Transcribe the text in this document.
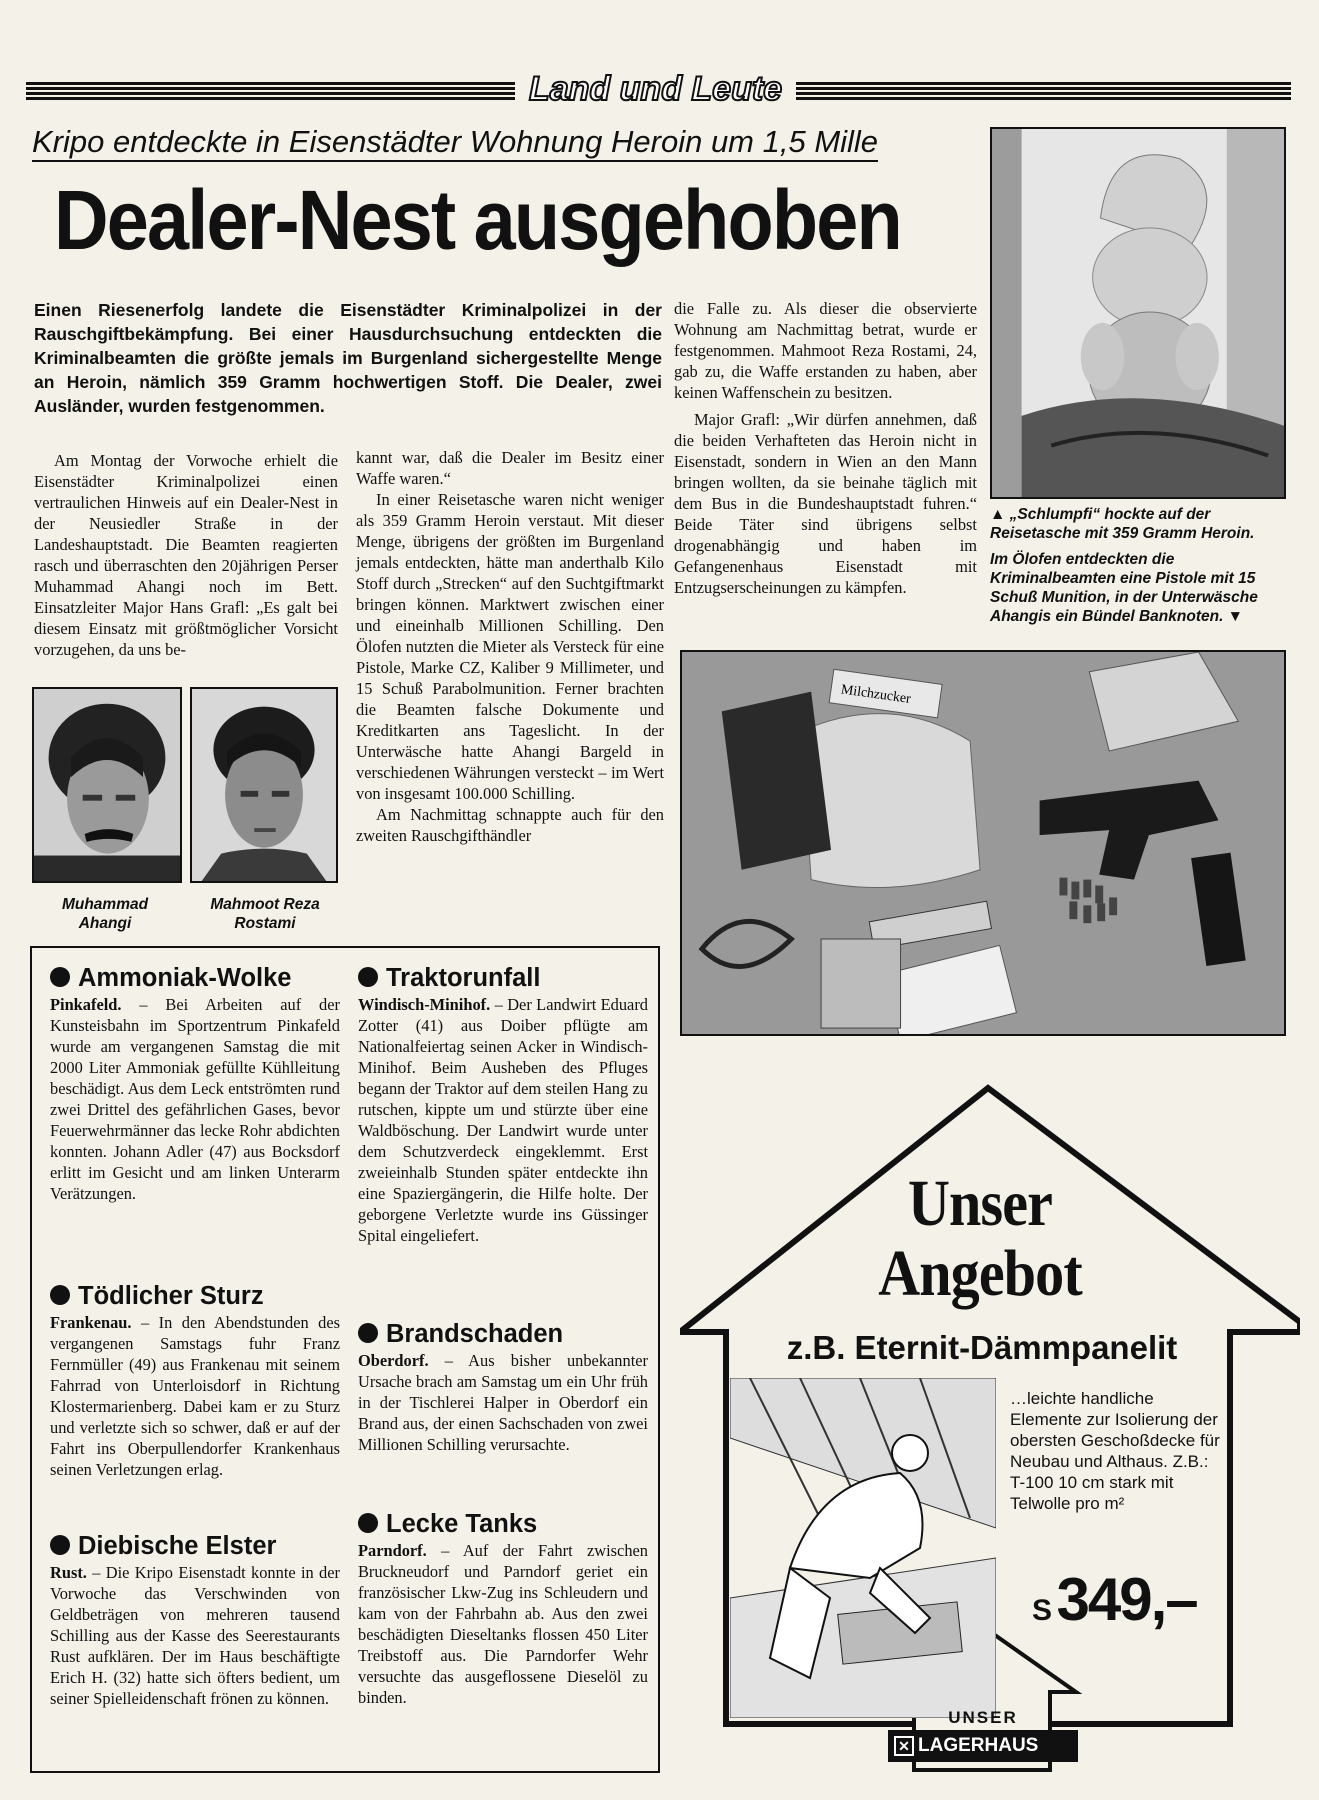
Land und Leute
Kripo entdeckte in Eisenstädter Wohnung Heroin um 1,5 Mille
Dealer-Nest ausgehoben
Einen Riesenerfolg landete die Eisenstädter Kriminalpolizei in der Rauschgiftbekämpfung. Bei einer Hausdurchsuchung entdeckten die Kriminalbeamten die größte jemals im Burgenland sichergestellte Menge an Heroin, nämlich 359 Gramm hochwertigen Stoff. Die Dealer, zwei Ausländer, wurden festgenommen.

Am Montag der Vorwoche erhielt die Eisenstädter Kriminalpolizei einen vertraulichen Hinweis auf ein Dealer-Nest in der Neusiedler Straße in der Landeshauptstadt. Die Beamten reagierten rasch und überraschten den 20jährigen Perser Muhammad Ahangi noch im Bett. Einsatzleiter Major Hans Grafl: „Es galt bei diesem Einsatz mit größtmöglicher Vorsicht vorzugehen, da uns be-

kannt war, daß die Dealer im Besitz einer Waffe waren.“

In einer Reisetasche waren nicht weniger als 359 Gramm Heroin verstaut. Mit dieser Menge, übrigens der größten im Burgenland jemals entdeckten, hätte man anderthalb Kilo Stoff durch „Strecken“ auf den Suchtgiftmarkt bringen können. Marktwert zwischen einer und eineinhalb Millionen Schilling. Den Ölofen nutzten die Mieter als Versteck für eine Pistole, Marke CZ, Kaliber 9 Millimeter, und 15 Schuß Parabolmunition. Ferner brachten die Beamten falsche Dokumente und Kreditkarten ans Tageslicht. In der Unterwäsche hatte Ahangi Bargeld in verschiedenen Währungen versteckt – im Wert von insgesamt 100.000 Schilling.

Am Nachmittag schnappte auch für den zweiten Rauschgifthändler

die Falle zu. Als dieser die observierte Wohnung am Nachmittag betrat, wurde er festgenommen. Mahmoot Reza Rostami, 24, gab zu, die Waffe erstanden zu haben, aber keinen Waffenschein zu besitzen.

Major Grafl: „Wir dürfen annehmen, daß die beiden Verhafteten das Heroin nicht in Eisenstadt, sondern in Wien an den Mann bringen wollten, da sie beinahe täglich mit dem Bus in die Bundeshauptstadt fuhren.“ Beide Täter sind übrigens selbst drogenabhängig und haben im Gefangenenhaus Eisenstadt mit Entzugserscheinungen zu kämpfen.

Muhammad Ahangi
Mahmoot Reza Rostami
▲ „Schlumpfi“ hockte auf der Reisetasche mit 359 Gramm Heroin.
Im Ölofen entdeckten die Kriminalbeamten eine Pistole mit 15 Schuß Munition, in der Unterwäsche Ahangis ein Bündel Banknoten. ▼
Milchzucker
Ammoniak-Wolke
Pinkafeld. – Bei Arbeiten auf der Kunsteisbahn im Sportzentrum Pinkafeld wurde am vergangenen Samstag die mit 2000 Liter Ammoniak gefüllte Kühlleitung beschädigt. Aus dem Leck entströmten rund zwei Drittel des gefährlichen Gases, bevor Feuerwehrmänner das lecke Rohr abdichten konnten. Johann Adler (47) aus Bocksdorf erlitt im Gesicht und am linken Unterarm Verätzungen.
Tödlicher Sturz
Frankenau. – In den Abendstunden des vergangenen Samstags fuhr Franz Fernmüller (49) aus Frankenau mit seinem Fahrrad von Unterloisdorf in Richtung Klostermarienberg. Dabei kam er zu Sturz und verletzte sich so schwer, daß er auf der Fahrt ins Oberpullendorfer Krankenhaus seinen Verletzungen erlag.
Diebische Elster
Rust. – Die Kripo Eisenstadt konnte in der Vorwoche das Verschwinden von Geldbeträgen von mehreren tausend Schilling aus der Kasse des Seerestaurants Rust aufklären. Der im Haus beschäftigte Erich H. (32) hatte sich öfters bedient, um seiner Spielleidenschaft frönen zu können.
Traktorunfall
Windisch-Minihof. – Der Landwirt Eduard Zotter (41) aus Doiber pflügte am Nationalfeiertag seinen Acker in Windisch-Minihof. Beim Ausheben des Pfluges begann der Traktor auf dem steilen Hang zu rutschen, kippte um und stürzte über eine Waldböschung. Der Landwirt wurde unter dem Schutzverdeck eingeklemmt. Erst zweieinhalb Stunden später entdeckte ihn eine Spaziergängerin, die Hilfe holte. Der geborgene Verletzte wurde ins Güssinger Spital eingeliefert.
Brandschaden
Oberdorf. – Aus bisher unbekannter Ursache brach am Samstag um ein Uhr früh in der Tischlerei Halper in Oberdorf ein Brand aus, der einen Sachschaden von zwei Millionen Schilling verursachte.
Lecke Tanks
Parndorf. – Auf der Fahrt zwischen Bruckneudorf und Parndorf geriet ein französischer Lkw-Zug ins Schleudern und kam von der Fahrbahn ab. Aus den zwei beschädigten Dieseltanks flossen 450 Liter Treibstoff aus. Die Parndorfer Wehr versuchte das ausgeflossene Dieselöl zu binden.
Unser
Angebot
z.B. Eternit-Dämmpanelit
…leichte handliche Elemente zur Isolierung der obersten Geschoßdecke für Neubau und Althaus. Z.B.: T-100 10 cm stark mit Telwolle pro m²
S 349,–
UNSER
✕ LAGERHAUS
